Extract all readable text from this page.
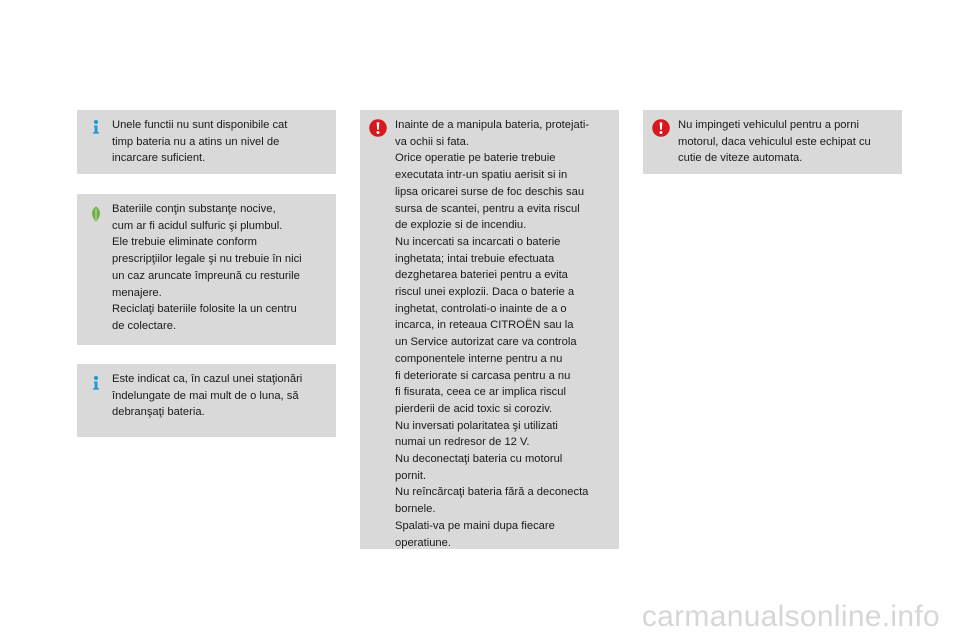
Unele functii nu sunt disponibile cat
timp bateria nu a atins un nivel de
incarcare suficient.

Bateriile conţin substanţe nocive,
cum ar fi acidul sulfuric şi plumbul.
Ele trebuie eliminate conform
prescripţiilor legale şi nu trebuie în nici
un caz aruncate împreună cu resturile
menajere.
Reciclaţi bateriile folosite la un centru
de colectare.

Este indicat ca, în cazul unei staţionări
îndelungate de mai mult de o luna, să
debranşaţi bateria.

Inainte de a manipula bateria, protejati-
va ochii si fata.
Orice operatie pe baterie trebuie
executata intr-un spatiu aerisit si in
lipsa oricarei surse de foc deschis sau
sursa de scantei, pentru a evita riscul
de explozie si de incendiu.
Nu incercati sa incarcati o baterie
inghetata; intai trebuie efectuata
dezghetarea bateriei pentru a evita
riscul unei explozii. Daca o baterie a
inghetat, controlati-o inainte de a o
incarca, in reteaua CITROËN sau la
un Service autorizat care va controla
componentele interne pentru a nu
fi deteriorate si carcasa pentru a nu
fi fisurata, ceea ce ar implica riscul
pierderii de acid toxic si coroziv.
Nu inversati polaritatea şi utilizati
numai un redresor de 12 V.
Nu deconectaţi bateria cu motorul
pornit.
Nu reîncărcaţi bateria fără a deconecta
bornele.
Spalati-va pe maini dupa fiecare
operatiune.

Nu impingeti vehiculul pentru a porni
motorul, daca vehiculul este echipat cu
cutie de viteze automata.

carmanualsonline.info
